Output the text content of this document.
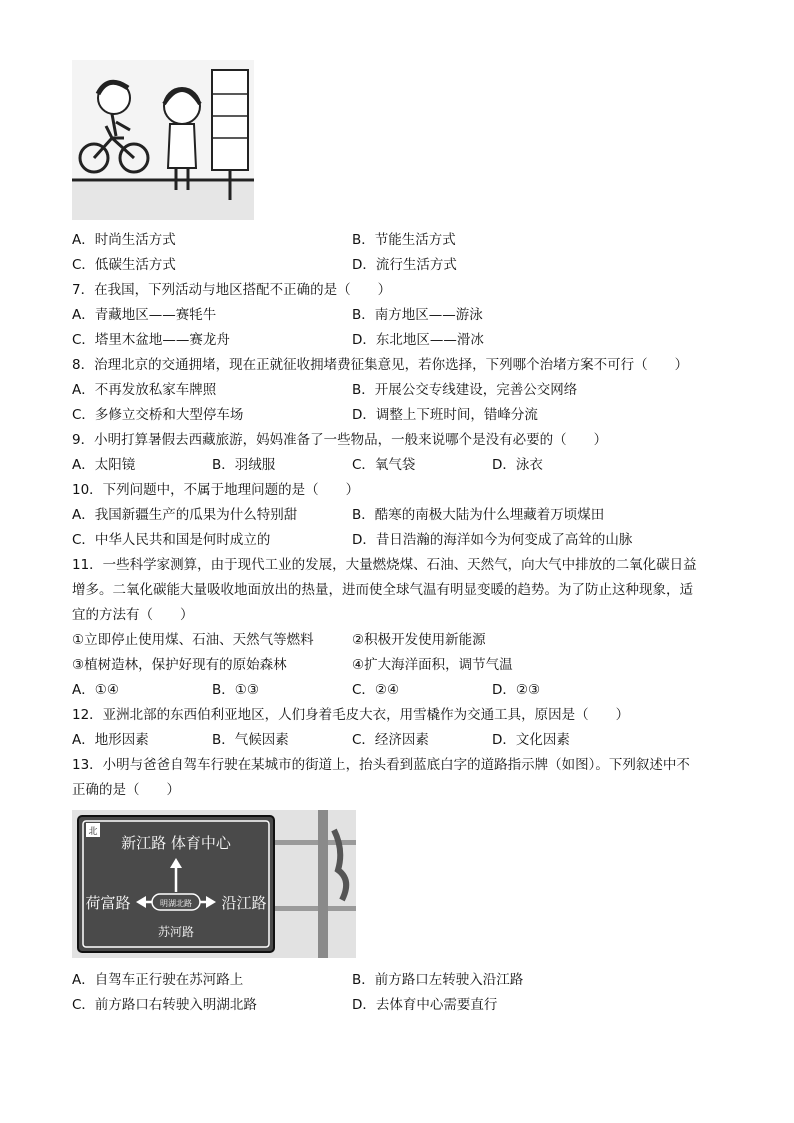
A．时尚生活方式	B．节能生活方式
C．低碳生活方式	D．流行生活方式
7．在我国，下列活动与地区搭配不正确的是（　　）
A．青藏地区——赛牦牛	B．南方地区——游泳
C．塔里木盆地——赛龙舟	D．东北地区——滑冰
8．治理北京的交通拥堵，现在正就征收拥堵费征集意见，若你选择，下列哪个治堵方案不可行（　　）
A．不再发放私家车牌照	B．开展公交专线建设，完善公交网络
C．多修立交桥和大型停车场	D．调整上下班时间，错峰分流
9．小明打算暑假去西藏旅游，妈妈准备了一些物品，一般来说哪个是没有必要的（　　）
A．太阳镜	B．羽绒服	C．氧气袋	D．泳衣
10．下列问题中，不属于地理问题的是（　　）
A．我国新疆生产的瓜果为什么特别甜	B．酷寒的南极大陆为什么埋藏着万顷煤田
C．中华人民共和国是何时成立的	D．昔日浩瀚的海洋如今为何变成了高耸的山脉
11．一些科学家测算，由于现代工业的发展，大量燃烧煤、石油、天然气，向大气中排放的二氧化碳日益
增多。二氧化碳能大量吸收地面放出的热量，进而使全球气温有明显变暖的趋势。为了防止这种现象，适
宜的方法有（　　）
①立即停止使用煤、石油、天然气等燃料	②积极开发使用新能源
③植树造林，保护好现有的原始森林	④扩大海洋面积，调节气温
A．①④	B．①③	C．②④	D．②③
12．亚洲北部的东西伯利亚地区，人们身着毛皮大衣，用雪橇作为交通工具，原因是（　　）
A．地形因素	B．气候因素	C．经济因素	D．文化因素
13．小明与爸爸自驾车行驶在某城市的街道上，抬头看到蓝底白字的道路指示牌（如图）。下列叙述中不
正确的是（　　）
北
新江路 体育中心
明湖北路
荷富路	沿江路
苏河路
A．自驾车正行驶在苏河路上	B．前方路口左转驶入沿江路
C．前方路口右转驶入明湖北路	D．去体育中心需要直行
